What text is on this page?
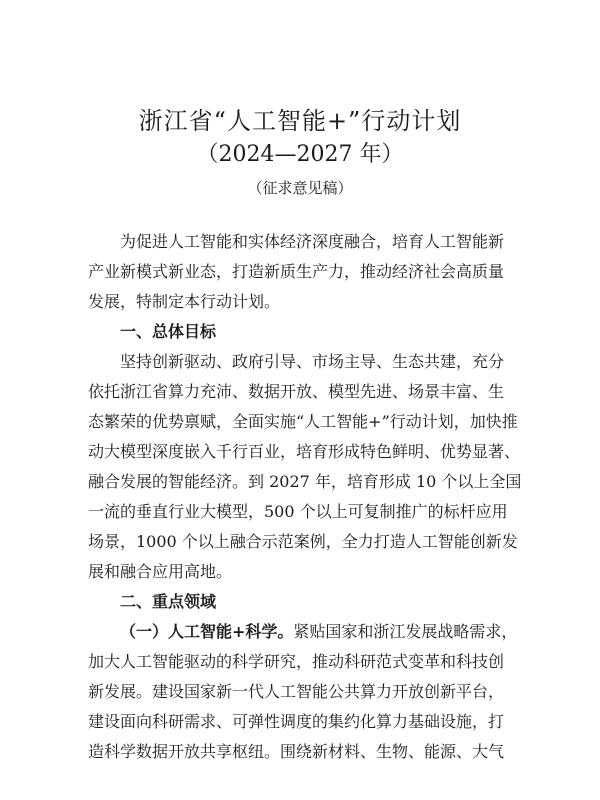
浙江省“人工智能+”行动计划
（2024—2027 年）
（征求意见稿）
为促进人工智能和实体经济深度融合，培育人工智能新
产业新模式新业态，打造新质生产力，推动经济社会高质量
发展，特制定本行动计划。
一、总体目标
坚持创新驱动、政府引导、市场主导、生态共建，充分
依托浙江省算力充沛、数据开放、模型先进、场景丰富、生
态繁荣的优势禀赋，全面实施“人工智能+”行动计划，加快推
动大模型深度嵌入千行百业，培育形成特色鲜明、优势显著、
融合发展的智能经济。到 2027 年，培育形成 10 个以上全国
一流的垂直行业大模型，500 个以上可复制推广的标杆应用
场景，1000 个以上融合示范案例，全力打造人工智能创新发
展和融合应用高地。
二、重点领域
（一）人工智能+科学。紧贴国家和浙江发展战略需求，
加大人工智能驱动的科学研究，推动科研范式变革和科技创
新发展。建设国家新一代人工智能公共算力开放创新平台，
建设面向科研需求、可弹性调度的集约化算力基础设施，打
造科学数据开放共享枢纽。围绕新材料、生物、能源、大气
